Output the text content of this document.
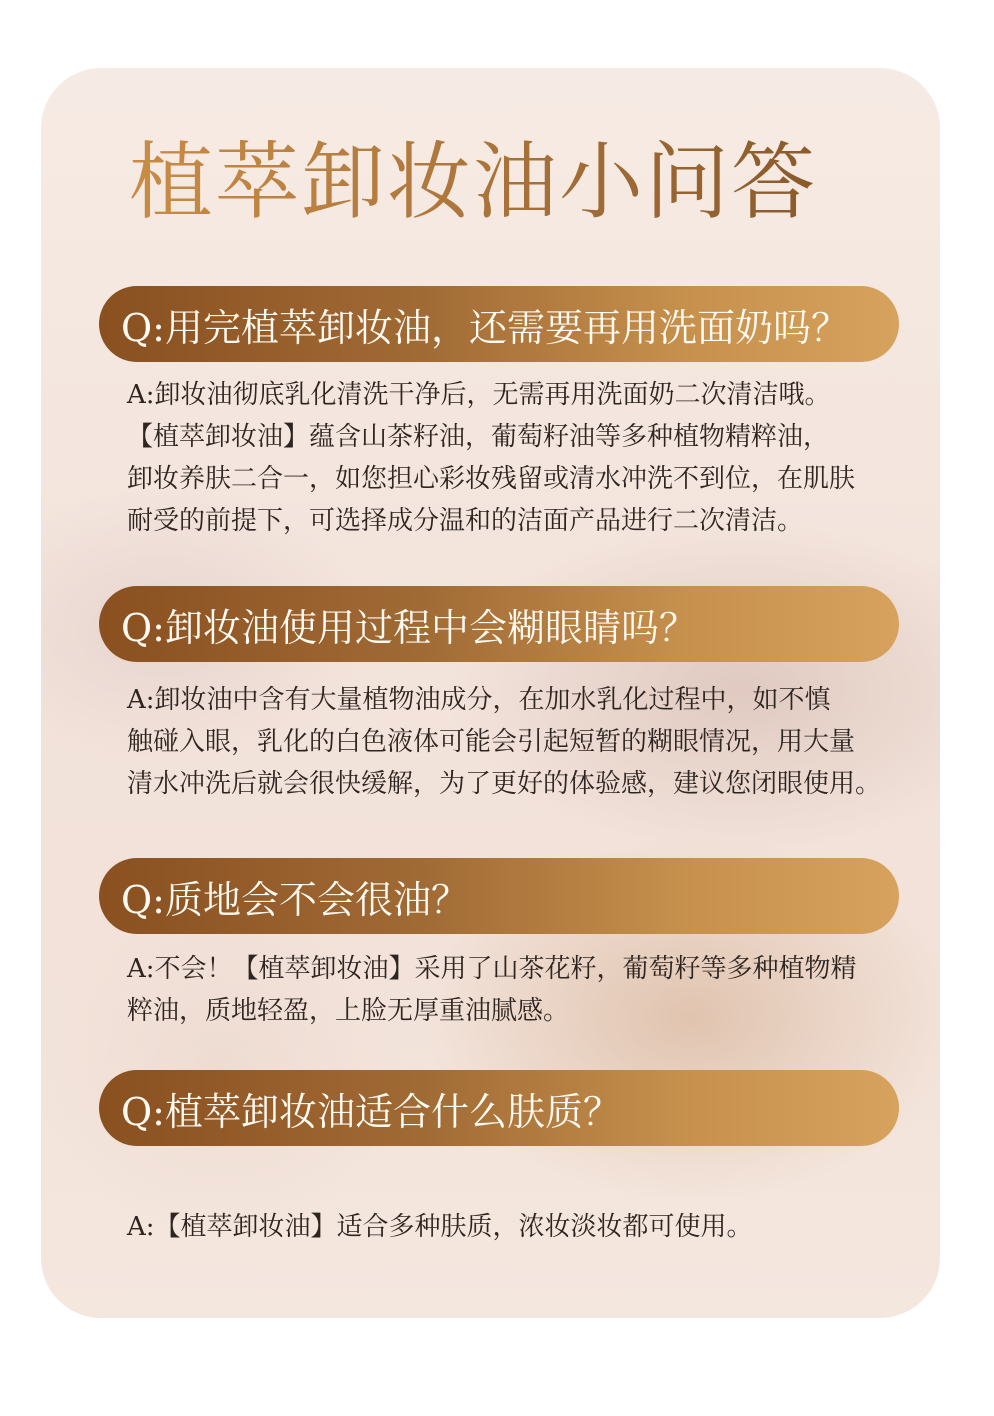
植萃卸妆油小问答
Q:用完植萃卸妆油，还需要再用洗面奶吗？

A:卸妆油彻底乳化清洗干净后，无需再用洗面奶二次清洁哦。
【植萃卸妆油】蕴含山茶籽油，葡萄籽油等多种植物精粹油，
卸妆养肤二合一，如您担心彩妆残留或清水冲洗不到位，在肌肤
耐受的前提下，可选择成分温和的洁面产品进行二次清洁。

Q:卸妆油使用过程中会糊眼睛吗？

A:卸妆油中含有大量植物油成分，在加水乳化过程中，如不慎
触碰入眼，乳化的白色液体可能会引起短暂的糊眼情况，用大量
清水冲洗后就会很快缓解，为了更好的体验感，建议您闭眼使用。

Q:质地会不会很油？

A:不会！【植萃卸妆油】采用了山茶花籽，葡萄籽等多种植物精
粹油，质地轻盈，上脸无厚重油腻感。

Q:植萃卸妆油适合什么肤质？

A:【植萃卸妆油】适合多种肤质，浓妆淡妆都可使用。
